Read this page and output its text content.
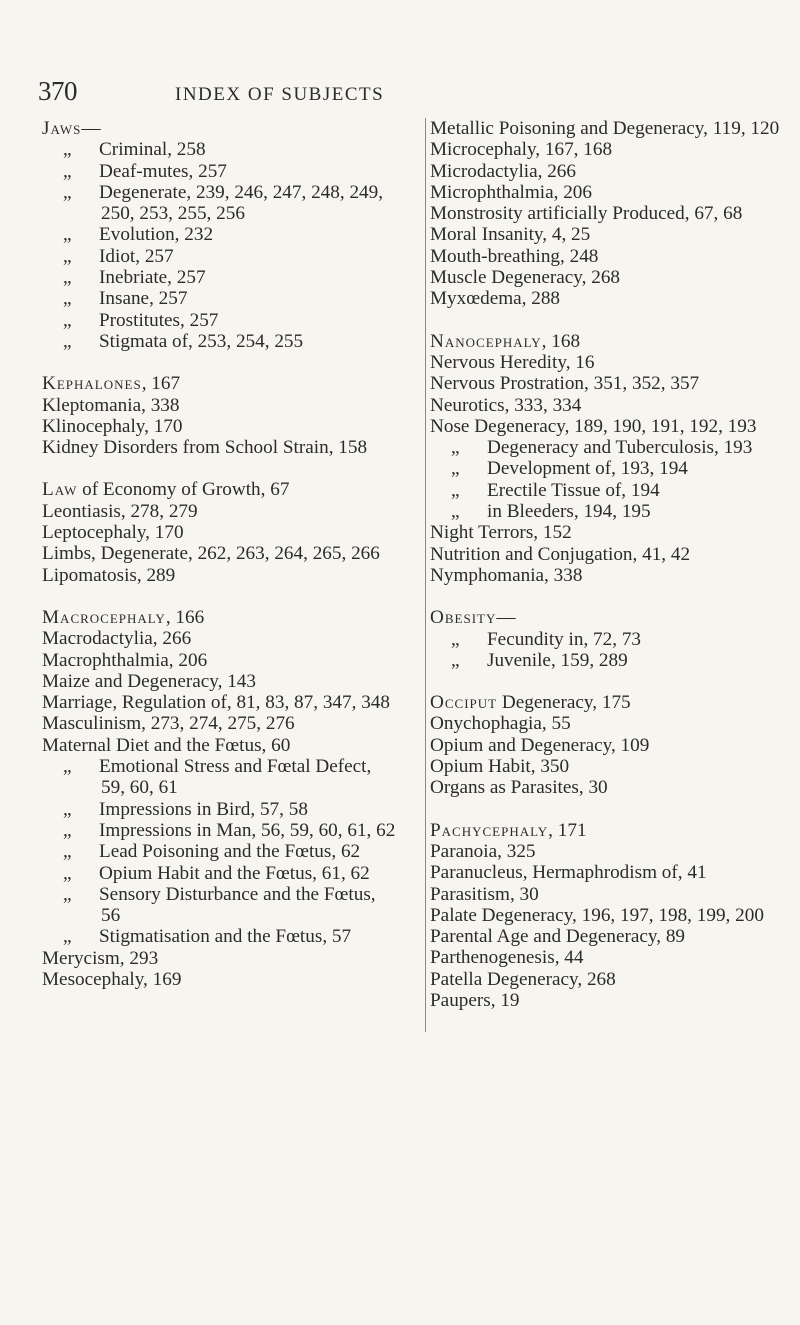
370	INDEX OF SUBJECTS
Jaws—
„ Criminal, 258
„ Deaf-mutes, 257
„ Degenerate, 239, 246, 247, 248, 249, 250, 253, 255, 256
„ Evolution, 232
„ Idiot, 257
„ Inebriate, 257
„ Insane, 257
„ Prostitutes, 257
„ Stigmata of, 253, 254, 255
Kephalones, 167
Kleptomania, 338
Klinocephaly, 170
Kidney Disorders from School Strain, 158
Law of Economy of Growth, 67
Leontiasis, 278, 279
Leptocephaly, 170
Limbs, Degenerate, 262, 263, 264, 265, 266
Lipomatosis, 289
Macrocephaly, 166
Macrodactylia, 266
Macrophthalmia, 206
Maize and Degeneracy, 143
Marriage, Regulation of, 81, 83, 87, 347, 348
Masculinism, 273, 274, 275, 276
Maternal Diet and the Fœtus, 60
„ Emotional Stress and Fœtal Defect, 59, 60, 61
„ Impressions in Bird, 57, 58
„ Impressions in Man, 56, 59, 60, 61, 62
„ Lead Poisoning and the Fœtus, 62
„ Opium Habit and the Fœtus, 61, 62
„ Sensory Disturbance and the Fœtus, 56
„ Stigmatisation and the Fœtus, 57
Merycism, 293
Mesocephaly, 169
Metallic Poisoning and Degeneracy, 119, 120
Microcephaly, 167, 168
Microdactylia, 266
Microphthalmia, 206
Monstrosity artificially Produced, 67, 68
Moral Insanity, 4, 25
Mouth-breathing, 248
Muscle Degeneracy, 268
Myxœdema, 288
Nanocephaly, 168
Nervous Heredity, 16
Nervous Prostration, 351, 352, 357
Neurotics, 333, 334
Nose Degeneracy, 189, 190, 191, 192, 193
„ Degeneracy and Tuberculosis, 193
„ Development of, 193, 194
„ Erectile Tissue of, 194
„ in Bleeders, 194, 195
Night Terrors, 152
Nutrition and Conjugation, 41, 42
Nymphomania, 338
Obesity—
„ Fecundity in, 72, 73
„ Juvenile, 159, 289
Occiput Degeneracy, 175
Onychophagia, 55
Opium and Degeneracy, 109
Opium Habit, 350
Organs as Parasites, 30
Pachycephaly, 171
Paranoia, 325
Paranucleus, Hermaphrodism of, 41
Parasitism, 30
Palate Degeneracy, 196, 197, 198, 199, 200
Parental Age and Degeneracy, 89
Parthenogenesis, 44
Patella Degeneracy, 268
Paupers, 19
